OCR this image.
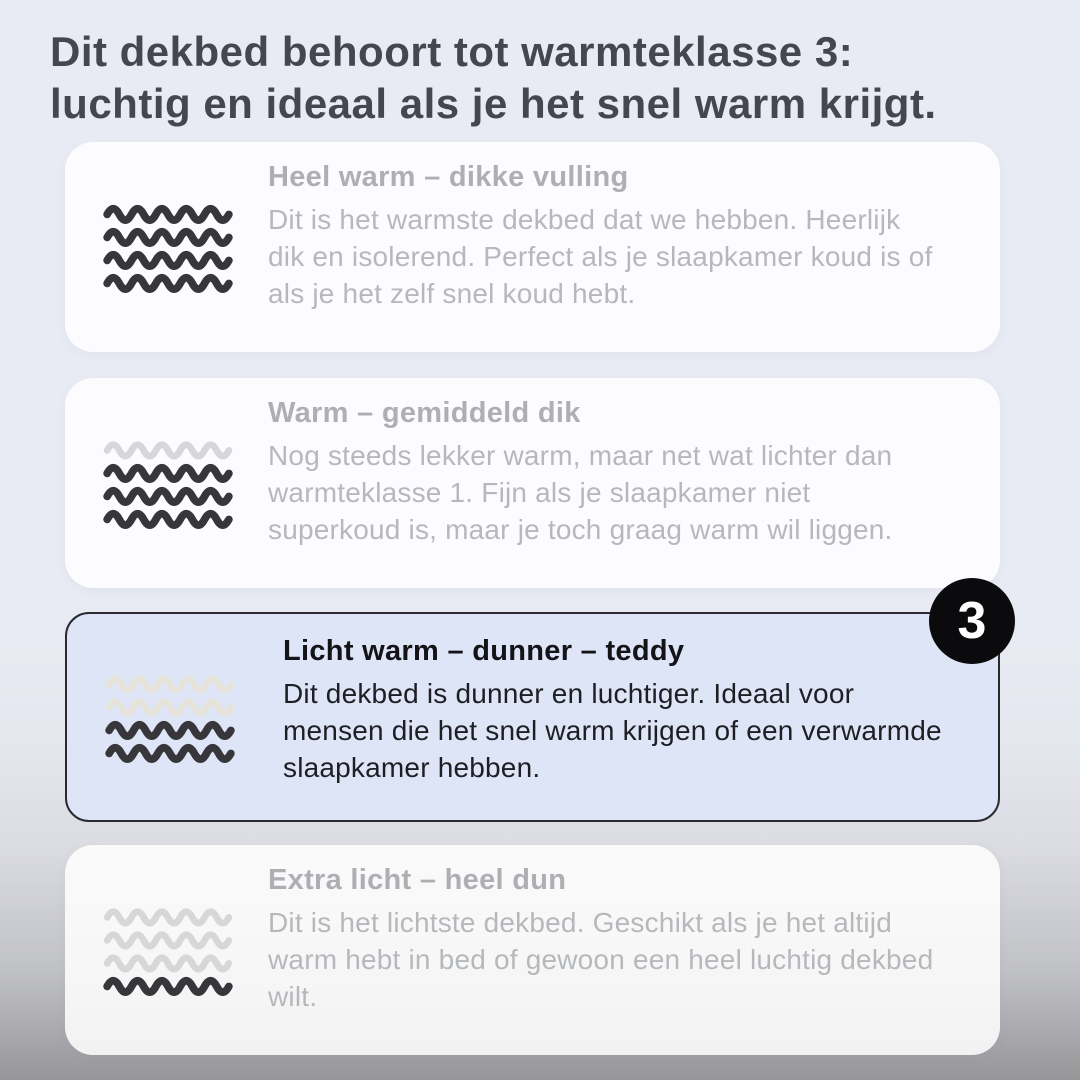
Dit dekbed behoort tot warmteklasse 3:
luchtig en ideaal als je het snel warm krijgt.
Heel warm – dikke vulling
Dit is het warmste dekbed dat we hebben. Heerlijk dik en isolerend. Perfect als je slaapkamer koud is of als je het zelf snel koud hebt.
Warm – gemiddeld dik
Nog steeds lekker warm, maar net wat lichter dan warmteklasse 1. Fijn als je slaapkamer niet superkoud is, maar je toch graag warm wil liggen.
Licht warm – dunner – teddy
Dit dekbed is dunner en luchtiger. Ideaal voor mensen die het snel warm krijgen of een verwarmde slaapkamer hebben.
Extra licht – heel dun
Dit is het lichtste dekbed. Geschikt als je het altijd warm hebt in bed of gewoon een heel luchtig dekbed wilt.
3
